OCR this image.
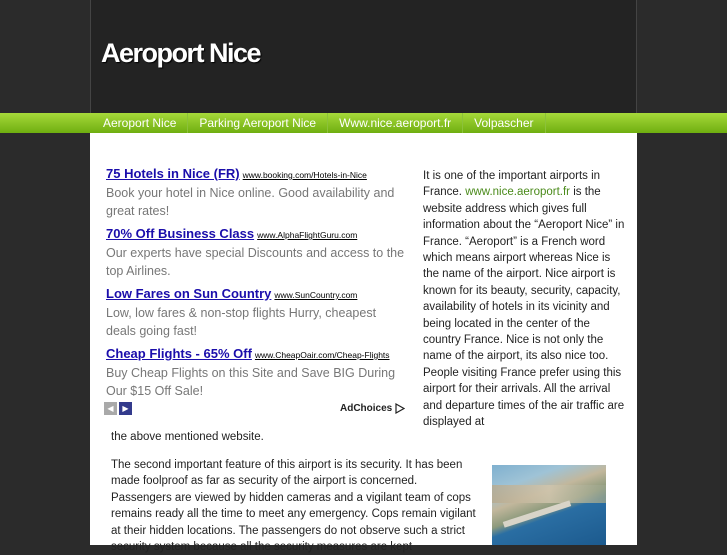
Aeroport Nice
Aeroport Nice	Parking Aeroport Nice	Www.nice.aeroport.fr	Volpascher
75 Hotels in Nice (FR) www.booking.com/Hotels-in-Nice
Book your hotel in Nice online. Good availability and great rates!
70% Off Business Class www.AlphaFlightGuru.com
Our experts have special Discounts and access to the top Airlines.
Low Fares on Sun Country www.SunCountry.com
Low, low fares & non-stop flights Hurry, cheapest deals going fast!
Cheap Flights - 65% Off www.CheapOair.com/Cheap-Flights
Buy Cheap Flights on this Site and Save BIG During Our $15 Off Sale!
◀ ▶	AdChoices
It is one of the important airports in France. www.nice.aeroport.fr is the website address which gives full information about the “Aeroport Nice” in France. “Aeroport” is a French word which means airport whereas Nice is the name of the airport. Nice airport is known for its beauty, security, capacity, availability of hotels in its vicinity and being located in the center of the country France. Nice is not only the name of the airport, its also nice too. People visiting France prefer using this airport for their arrivals. All the arrival and departure times of the air traffic are displayed at
the above mentioned website.
The second important feature of this airport is its security. It has been made foolproof as far as security of the airport is concerned. Passengers are viewed by hidden cameras and a vigilant team of cops remains ready all the time to meet any emergency. Cops remain vigilant at their hidden locations. The passengers do not observe such a strict security system because all the security measures are kept
